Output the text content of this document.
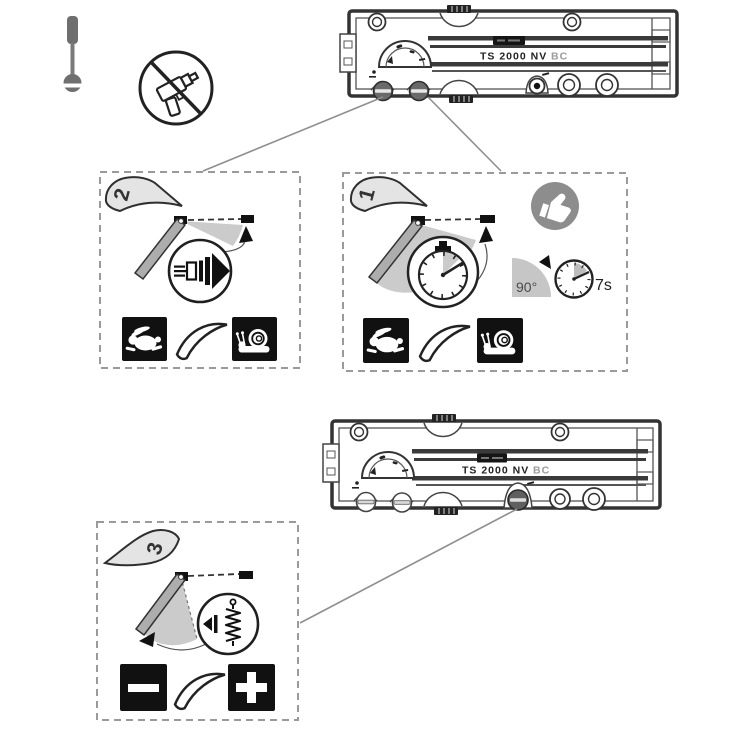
TS 2000 NV BC
2	1
90°	7s
TS 2000 NV BC
3
